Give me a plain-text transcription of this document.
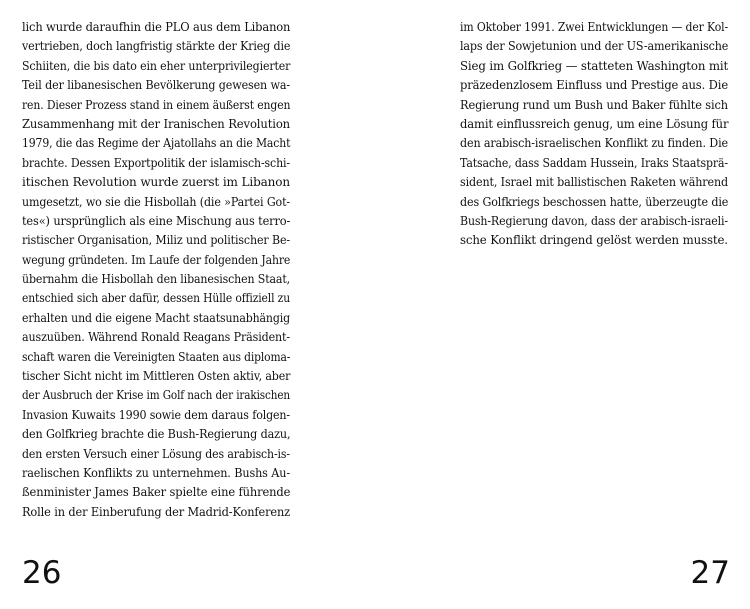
lich wurde daraufhin die PLO aus dem Libanon
vertrieben, doch langfristig stärkte der Krieg die
Schiiten, die bis dato ein eher unterprivilegierter
Teil der libanesischen Bevölkerung gewesen wa-
ren. Dieser Prozess stand in einem äußerst engen
Zusammenhang mit der Iranischen Revolution
1979, die das Regime der Ajatollahs an die Macht
brachte. Dessen Exportpolitik der islamisch-schi-
itischen Revolution wurde zuerst im Libanon
umgesetzt, wo sie die Hisbollah (die »Partei Got-
tes«) ursprünglich als eine Mischung aus terro-
ristischer Organisation, Miliz und politischer Be-
wegung gründeten. Im Laufe der folgenden Jahre
übernahm die Hisbollah den libanesischen Staat,
entschied sich aber dafür, dessen Hülle offiziell zu
erhalten und die eigene Macht staatsunabhängig
auszuüben. Während Ronald Reagans Präsident-
schaft waren die Vereinigten Staaten aus diploma-
tischer Sicht nicht im Mittleren Osten aktiv, aber
der Ausbruch der Krise im Golf nach der irakischen
Invasion Kuwaits 1990 sowie dem daraus folgen-
den Golfkrieg brachte die Bush-Regierung dazu,
den ersten Versuch einer Lösung des arabisch-is-
raelischen Konflikts zu unternehmen. Bushs Au-
ßenminister James Baker spielte eine führende
Rolle in der Einberufung der Madrid-Konferenz
26
im Oktober 1991. Zwei Entwicklungen — der Kol-
laps der Sowjetunion und der US-amerikanische
Sieg im Golfkrieg — statteten Washington mit
präzedenzlosem Einfluss und Prestige aus. Die
Regierung rund um Bush und Baker fühlte sich
damit einflussreich genug, um eine Lösung für
den arabisch-israelischen Konflikt zu finden. Die
Tatsache, dass Saddam Hussein, Iraks Staatsprä-
sident, Israel mit ballistischen Raketen während
des Golfkriegs beschossen hatte, überzeugte die
Bush-Regierung davon, dass der arabisch-israeli-
sche Konflikt dringend gelöst werden musste.
27
